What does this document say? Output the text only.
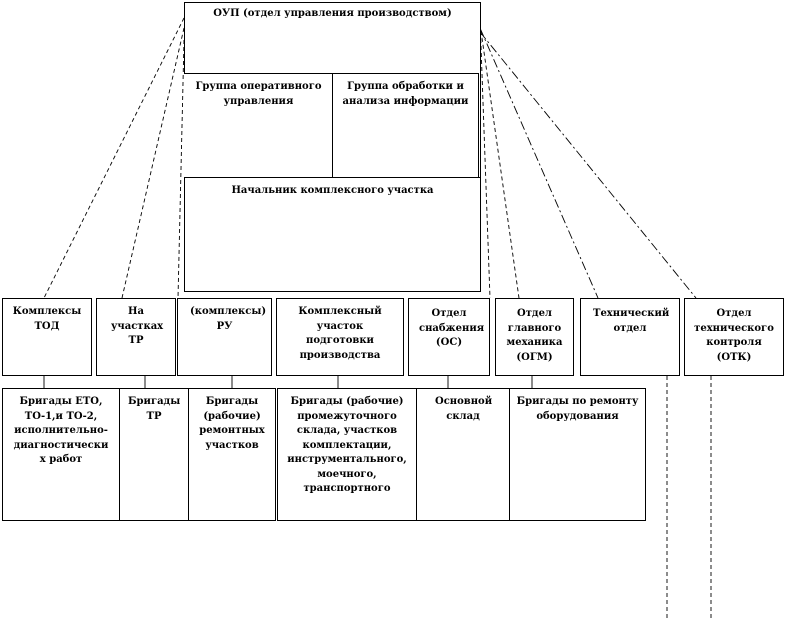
ОУП (отдел управления производством)
Группа оперативного управления
Группа обработки и анализа информации
Начальник комплексного участка
Комплексы ТОД
На участках ТР
(комплексы) РУ
Комплексный участок подготовки производства
Отдел снабжения (ОС)
Отдел главного механика (ОГМ)
Технический отдел
Отдел технического контроля (ОТК)
Бригады ЕТО, ТО-1,и ТО-2, исполнительно-диагностически х работ
Бригады ТР
Бригады (рабочие) ремонтных участков
Бригады (рабочие) промежуточного склада, участков комплектации, инструментального, моечного, транспортного
Основной склад
Бригады по ремонту оборудования
